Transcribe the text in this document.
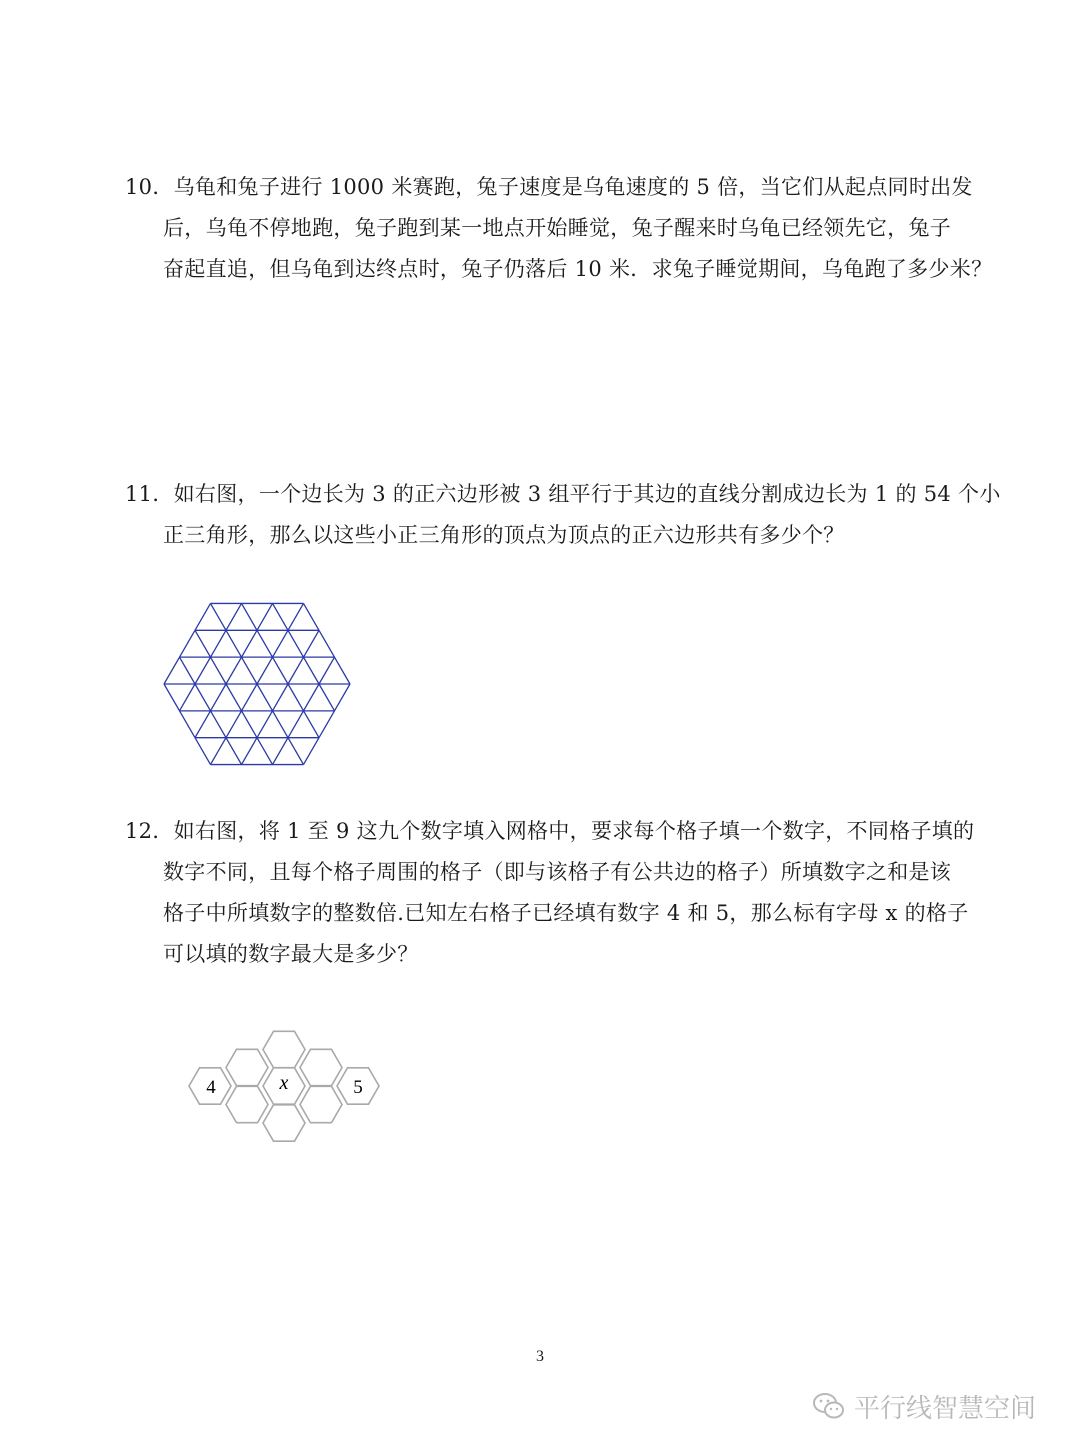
10．乌龟和兔子进行 1000 米赛跑，兔子速度是乌龟速度的 5 倍，当它们从起点同时出发
后，乌龟不停地跑，兔子跑到某一地点开始睡觉，兔子醒来时乌龟已经领先它，兔子
奋起直追，但乌龟到达终点时，兔子仍落后 10 米．求兔子睡觉期间，乌龟跑了多少米？
11．如右图，一个边长为 3 的正六边形被 3 组平行于其边的直线分割成边长为 1 的 54 个小
正三角形，那么以这些小正三角形的顶点为顶点的正六边形共有多少个？
12．如右图，将 1 至 9 这九个数字填入网格中，要求每个格子填一个数字，不同格子填的
数字不同，且每个格子周围的格子（即与该格子有公共边的格子）所填数字之和是该
格子中所填数字的整数倍.已知左右格子已经填有数字 4 和 5，那么标有字母 x 的格子
可以填的数字最大是多少？
4	x	5
3
平行线智慧空间
